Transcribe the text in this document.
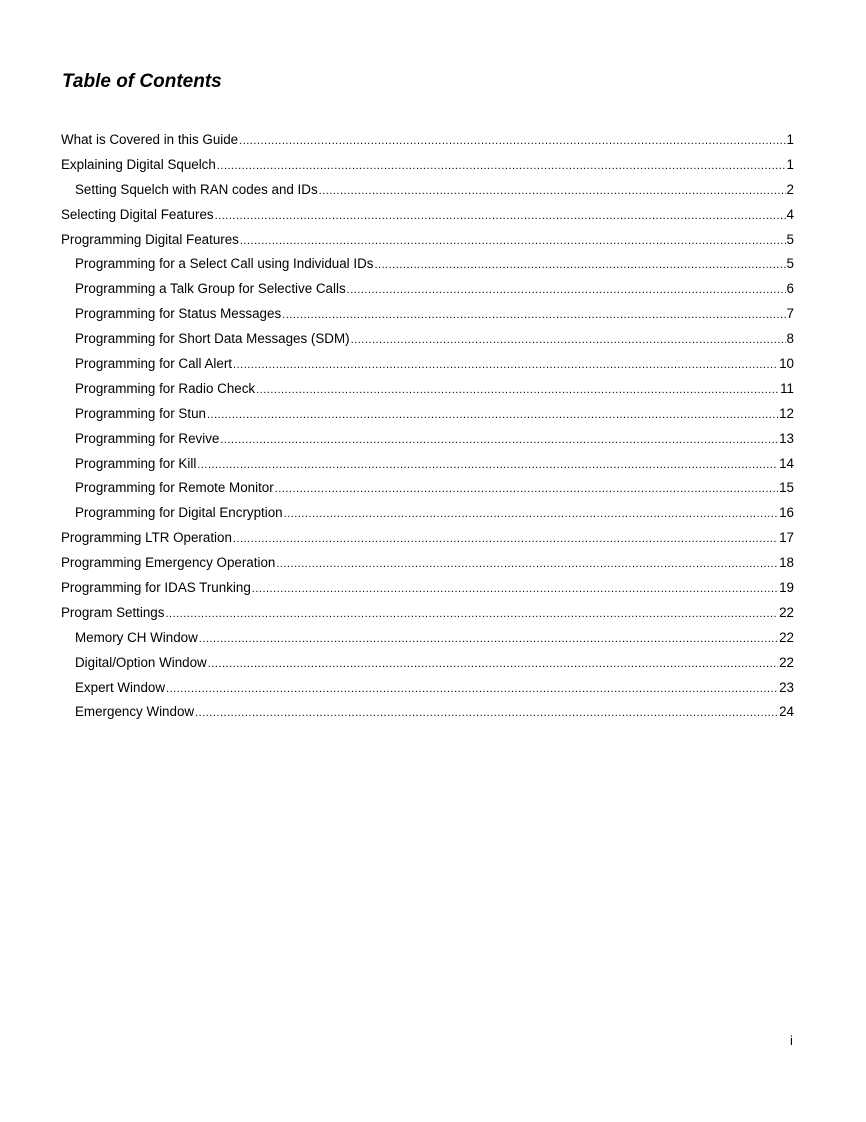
Table of Contents
What is Covered in this Guide .....	1
Explaining Digital Squelch .....	1
Setting Squelch with RAN codes and IDs .....	2
Selecting Digital Features .....	4
Programming Digital Features .....	5
Programming for a Select Call using Individual IDs .....	5
Programming a Talk Group for Selective Calls .....	6
Programming for Status Messages .....	7
Programming for Short Data Messages (SDM) .....	8
Programming for Call Alert .....	10
Programming for Radio Check .....	11
Programming for Stun .....	12
Programming for Revive .....	13
Programming for Kill .....	14
Programming for Remote Monitor .....	15
Programming for Digital Encryption .....	16
Programming LTR Operation .....	17
Programming Emergency Operation .....	18
Programming for IDAS Trunking .....	19
Program Settings .....	22
Memory CH Window .....	22
Digital/Option Window .....	22
Expert Window .....	23
Emergency Window .....	24
i
